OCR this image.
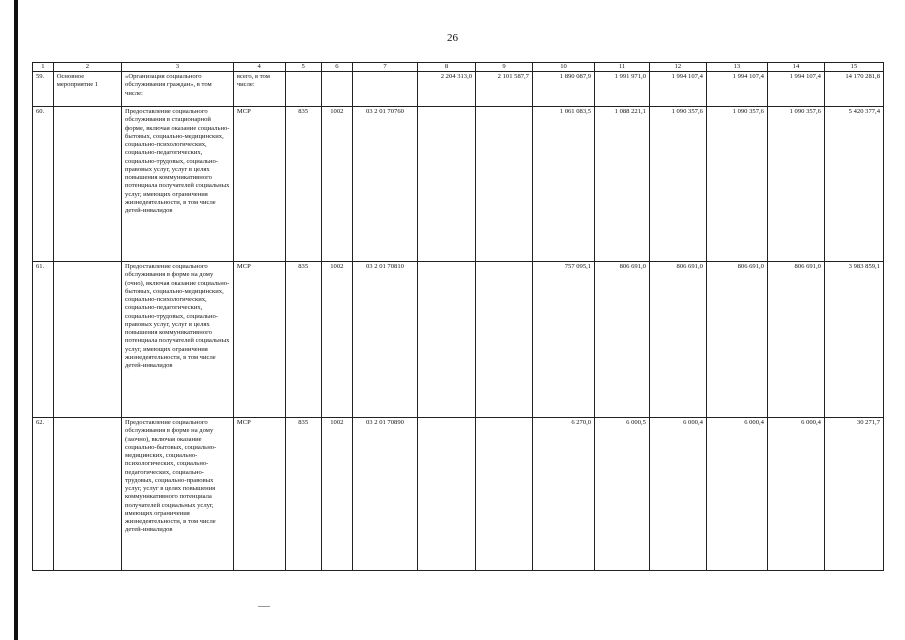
26
1	2	3	4	5	6	7	8	9	10	11	12	13	14	15
59.	Основное мероприятие 1	«Организация социального обслуживания граждан», в том числе:	всего, в том числе:				2 204 313,0	2 101 587,7	1 890 087,9	1 991 971,0	1 994 107,4	1 994 107,4	1 994 107,4	14 170 281,8
60.		Предоставление социального обслуживания в стационарной форме, включая оказание социально-бытовых, социально-медицинских, социально-психологических, социально-педагогических, социально-трудовых, социально-правовых услуг, услуг в целях повышения коммуникативного потенциала получателей социальных услуг, имеющих ограничения жизнедеятельности, в том числе детей-инвалидов	МСР	835	1002	03 2 01 70760			1 061 083,5	1 088 221,1	1 090 357,6	1 090 357,6	1 090 357,6	5 420 377,4
61.		Предоставление социального обслуживания в форме на дому (очно), включая оказание социально-бытовых, социально-медицинских, социально-психологических, социально-педагогических, социально-трудовых, социально-правовых услуг, услуг в целях повышения коммуникативного потенциала получателей социальных услуг, имеющих ограничения жизнедеятельности, в том числе детей-инвалидов	МСР	835	1002	03 2 01 70810			757 095,1	806 691,0	806 691,0	806 691,0	806 691,0	3 983 859,1
62.		Предоставление социального обслуживания в форме на дому (заочно), включая оказание социально-бытовых, социально-медицинских, социально-психологических, социально-педагогических, социально-трудовых, социально-правовых услуг, услуг в целях повышения коммуникативного потенциала получателей социальных услуг, имеющих ограничения жизнедеятельности, в том числе детей-инвалидов	МСР	835	1002	03 2 01 70890			6 270,0	6 000,5	6 000,4	6 000,4	6 000,4	30 271,7
